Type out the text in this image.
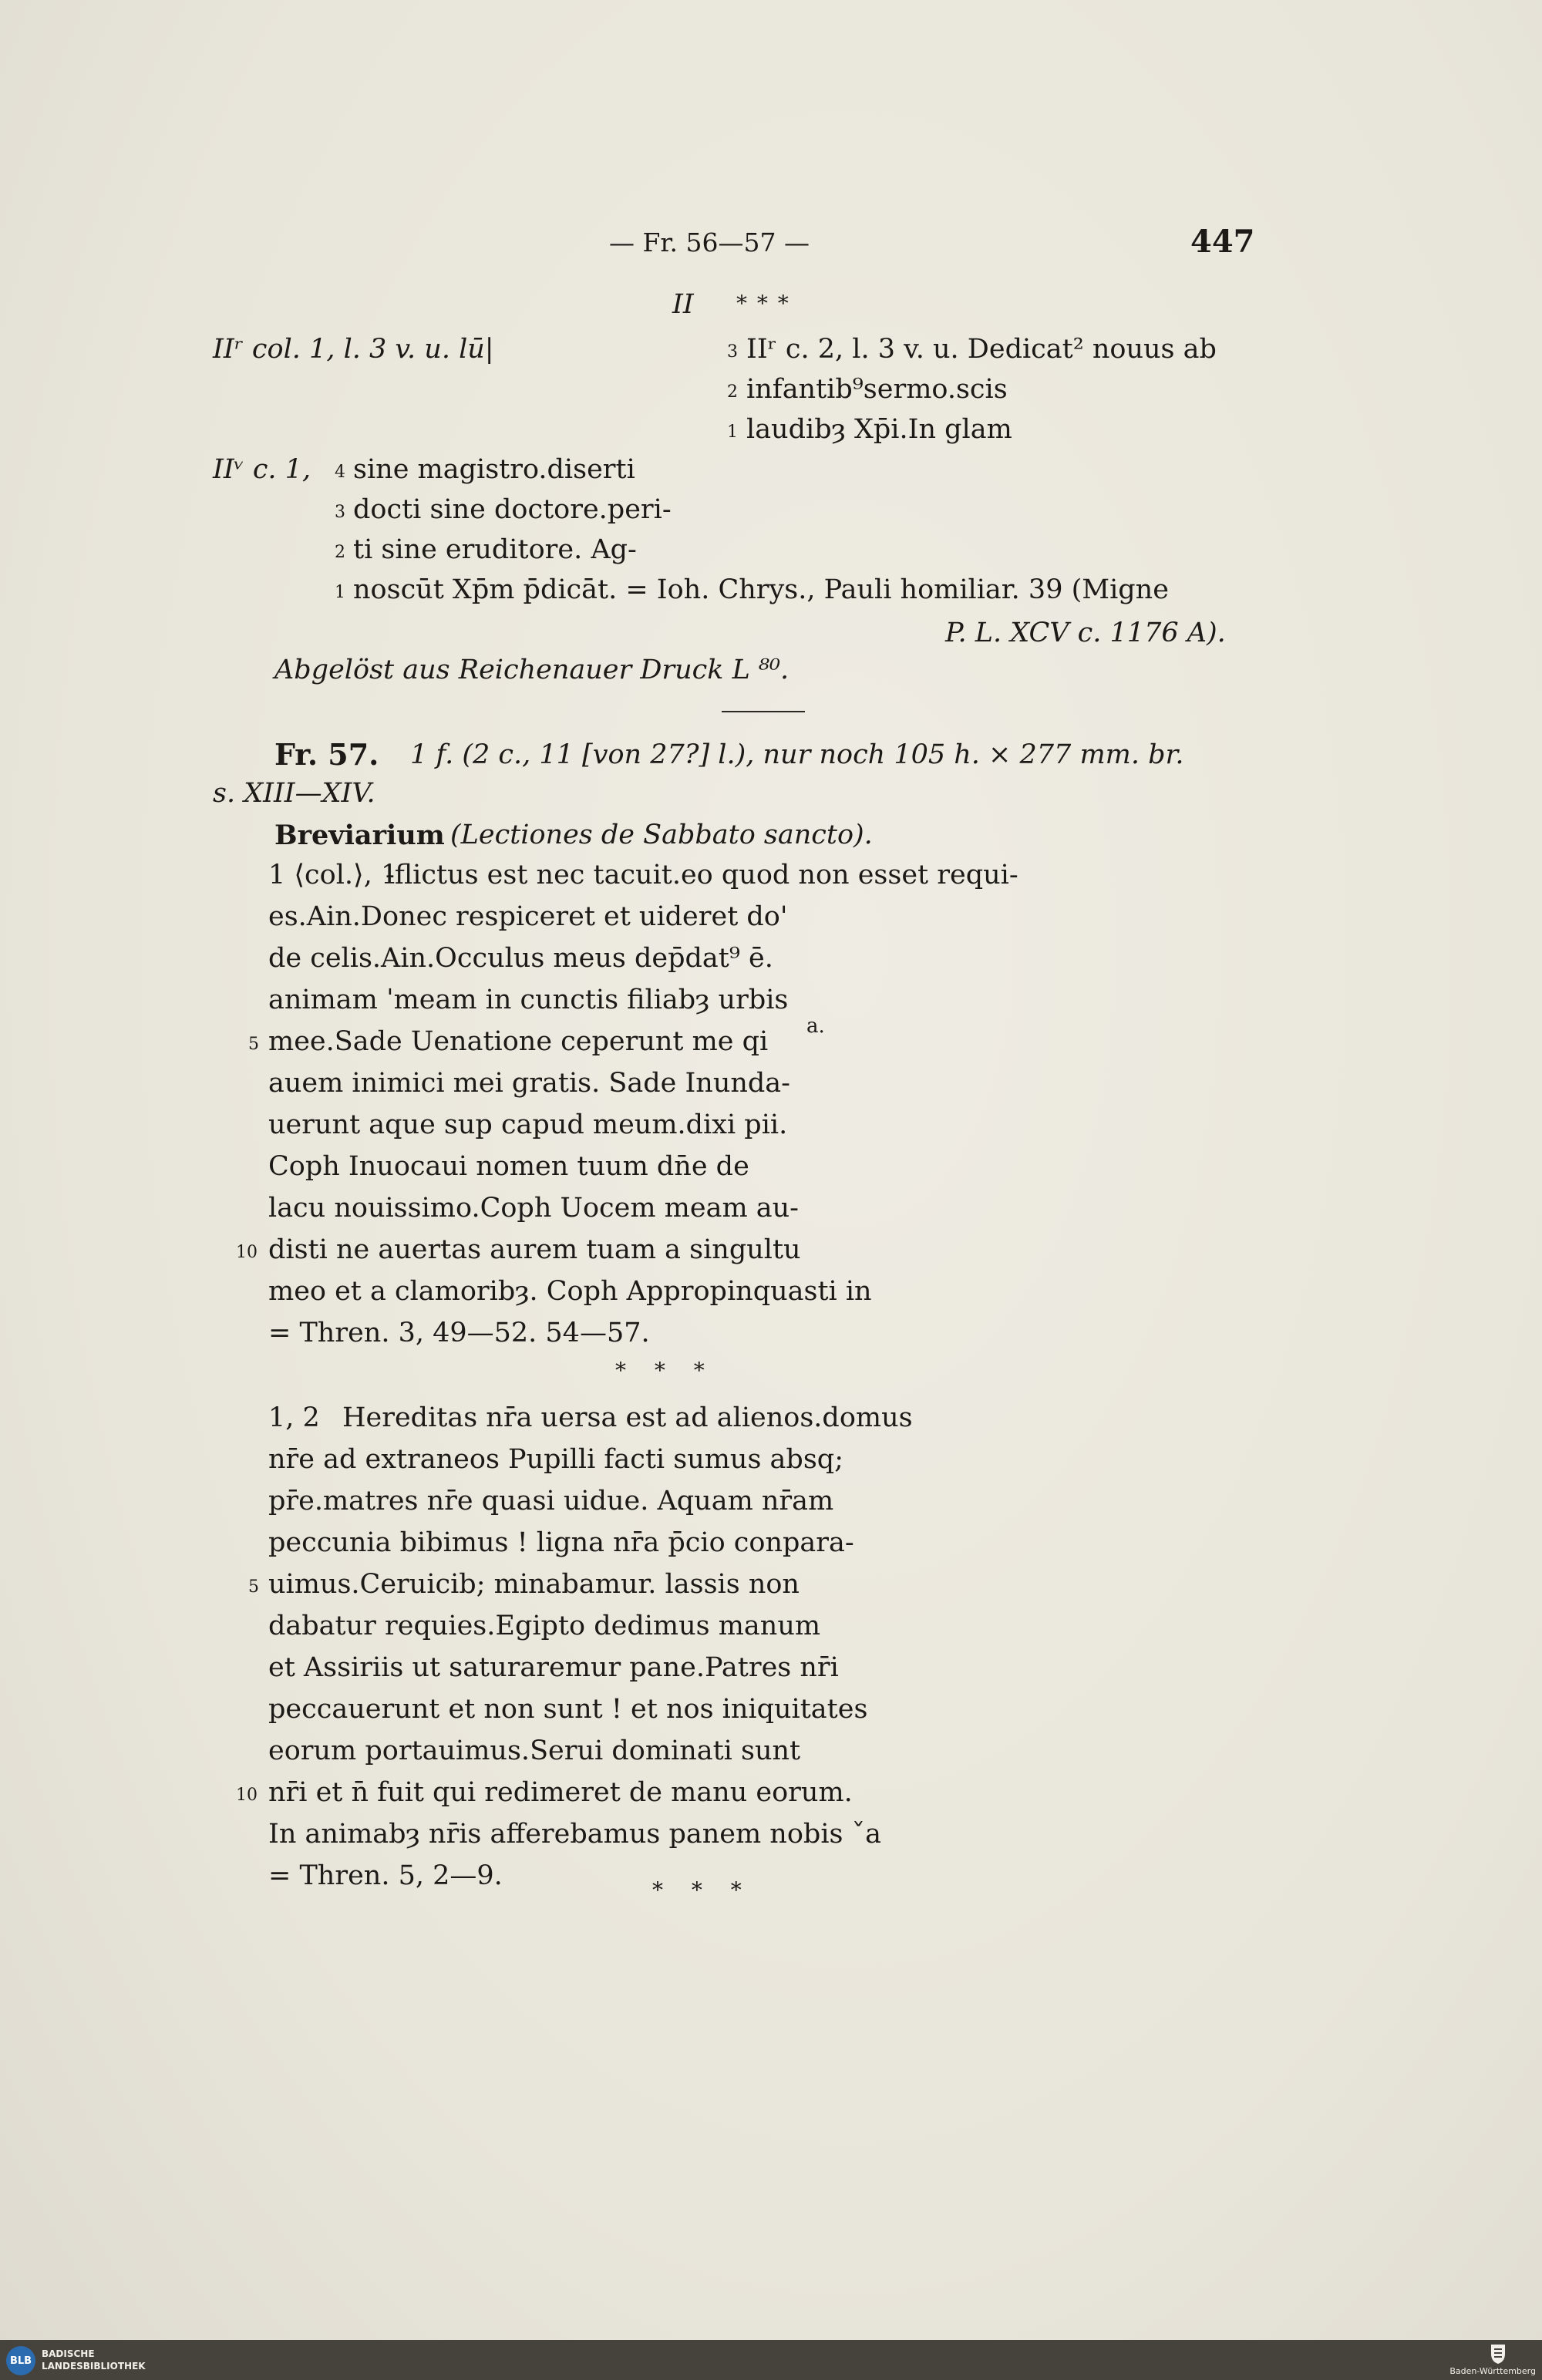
— Fr. 56—57 —	447
II * * *
IIʳ col. 1, l. 3 v. u. lū|	3 IIʳ c. 2, l. 3 v. u. Dedicat² nouus ab
2 infantib⁹sermo.scis
1 laudibȝ Xp̄i.In glam
IIᵛ c. 1, 4 sine magistro.diserti
3 docti sine doctore.peri-
2 ti sine eruditore. Ag-
1 noscūt Xp̄m p̄dicāt. = Ioh. Chrys., Pauli homiliar. 39 (Migne
P. L. XCV c. 1176 A).
Abgelöst aus Reichenauer Druck L ⁸⁰.
Fr. 57. 1 f. (2 c., 11 [von 27?] l.), nur noch 105 h. × 277 mm. br.
s. XIII—XIV.
Breviarium (Lectiones de Sabbato sancto).
1 ⟨col.⟩, 1
-flictus est nec tacuit.eo quod non esset requi-
es.Ain.Donec respiceret et uideret do'
de celis.Ain.Occulus meus dep̄dat⁹ ē.
animam ˈmeam in cunctis filiabȝ urbis
a.
5 mee.Sade Uenatione ceperunt me qi
auem inimici mei gratis. Sade Inunda-
uerunt aque sup capud meum.dixi pii.
Coph Inuocaui nomen tuum dn̄e de
lacu nouissimo.Coph Uocem meam au-
10 disti ne auertas aurem tuam a singultu
meo et a clamoribȝ. Coph Appropinquasti in
= Thren. 3, 49—52. 54—57.
* * *
1, 2 Hereditas nr̄a uersa est ad alienos.domus
nr̄e ad extraneos Pupilli facti sumus absq;
pr̄e.matres nr̄e quasi uidue. Aquam nr̄am
peccunia bibimus ! ligna nr̄a p̄cio conpara-
5 uimus.Ceruicib; minabamur. lassis non
dabatur requies.Egipto dedimus manum
et Assiriis ut saturaremur pane.Patres nr̄i
peccauerunt et non sunt ! et nos iniquitates
eorum portauimus.Serui dominati sunt
10 nr̄i et n̄ fuit qui redimeret de manu eorum.
In animabȝ nr̄is afferebamus panem nobis ˇa
= Thren. 5, 2—9.	* * *
BLB
BADISCHE
LANDESBIBLIOTHEK	Baden-Württemberg
